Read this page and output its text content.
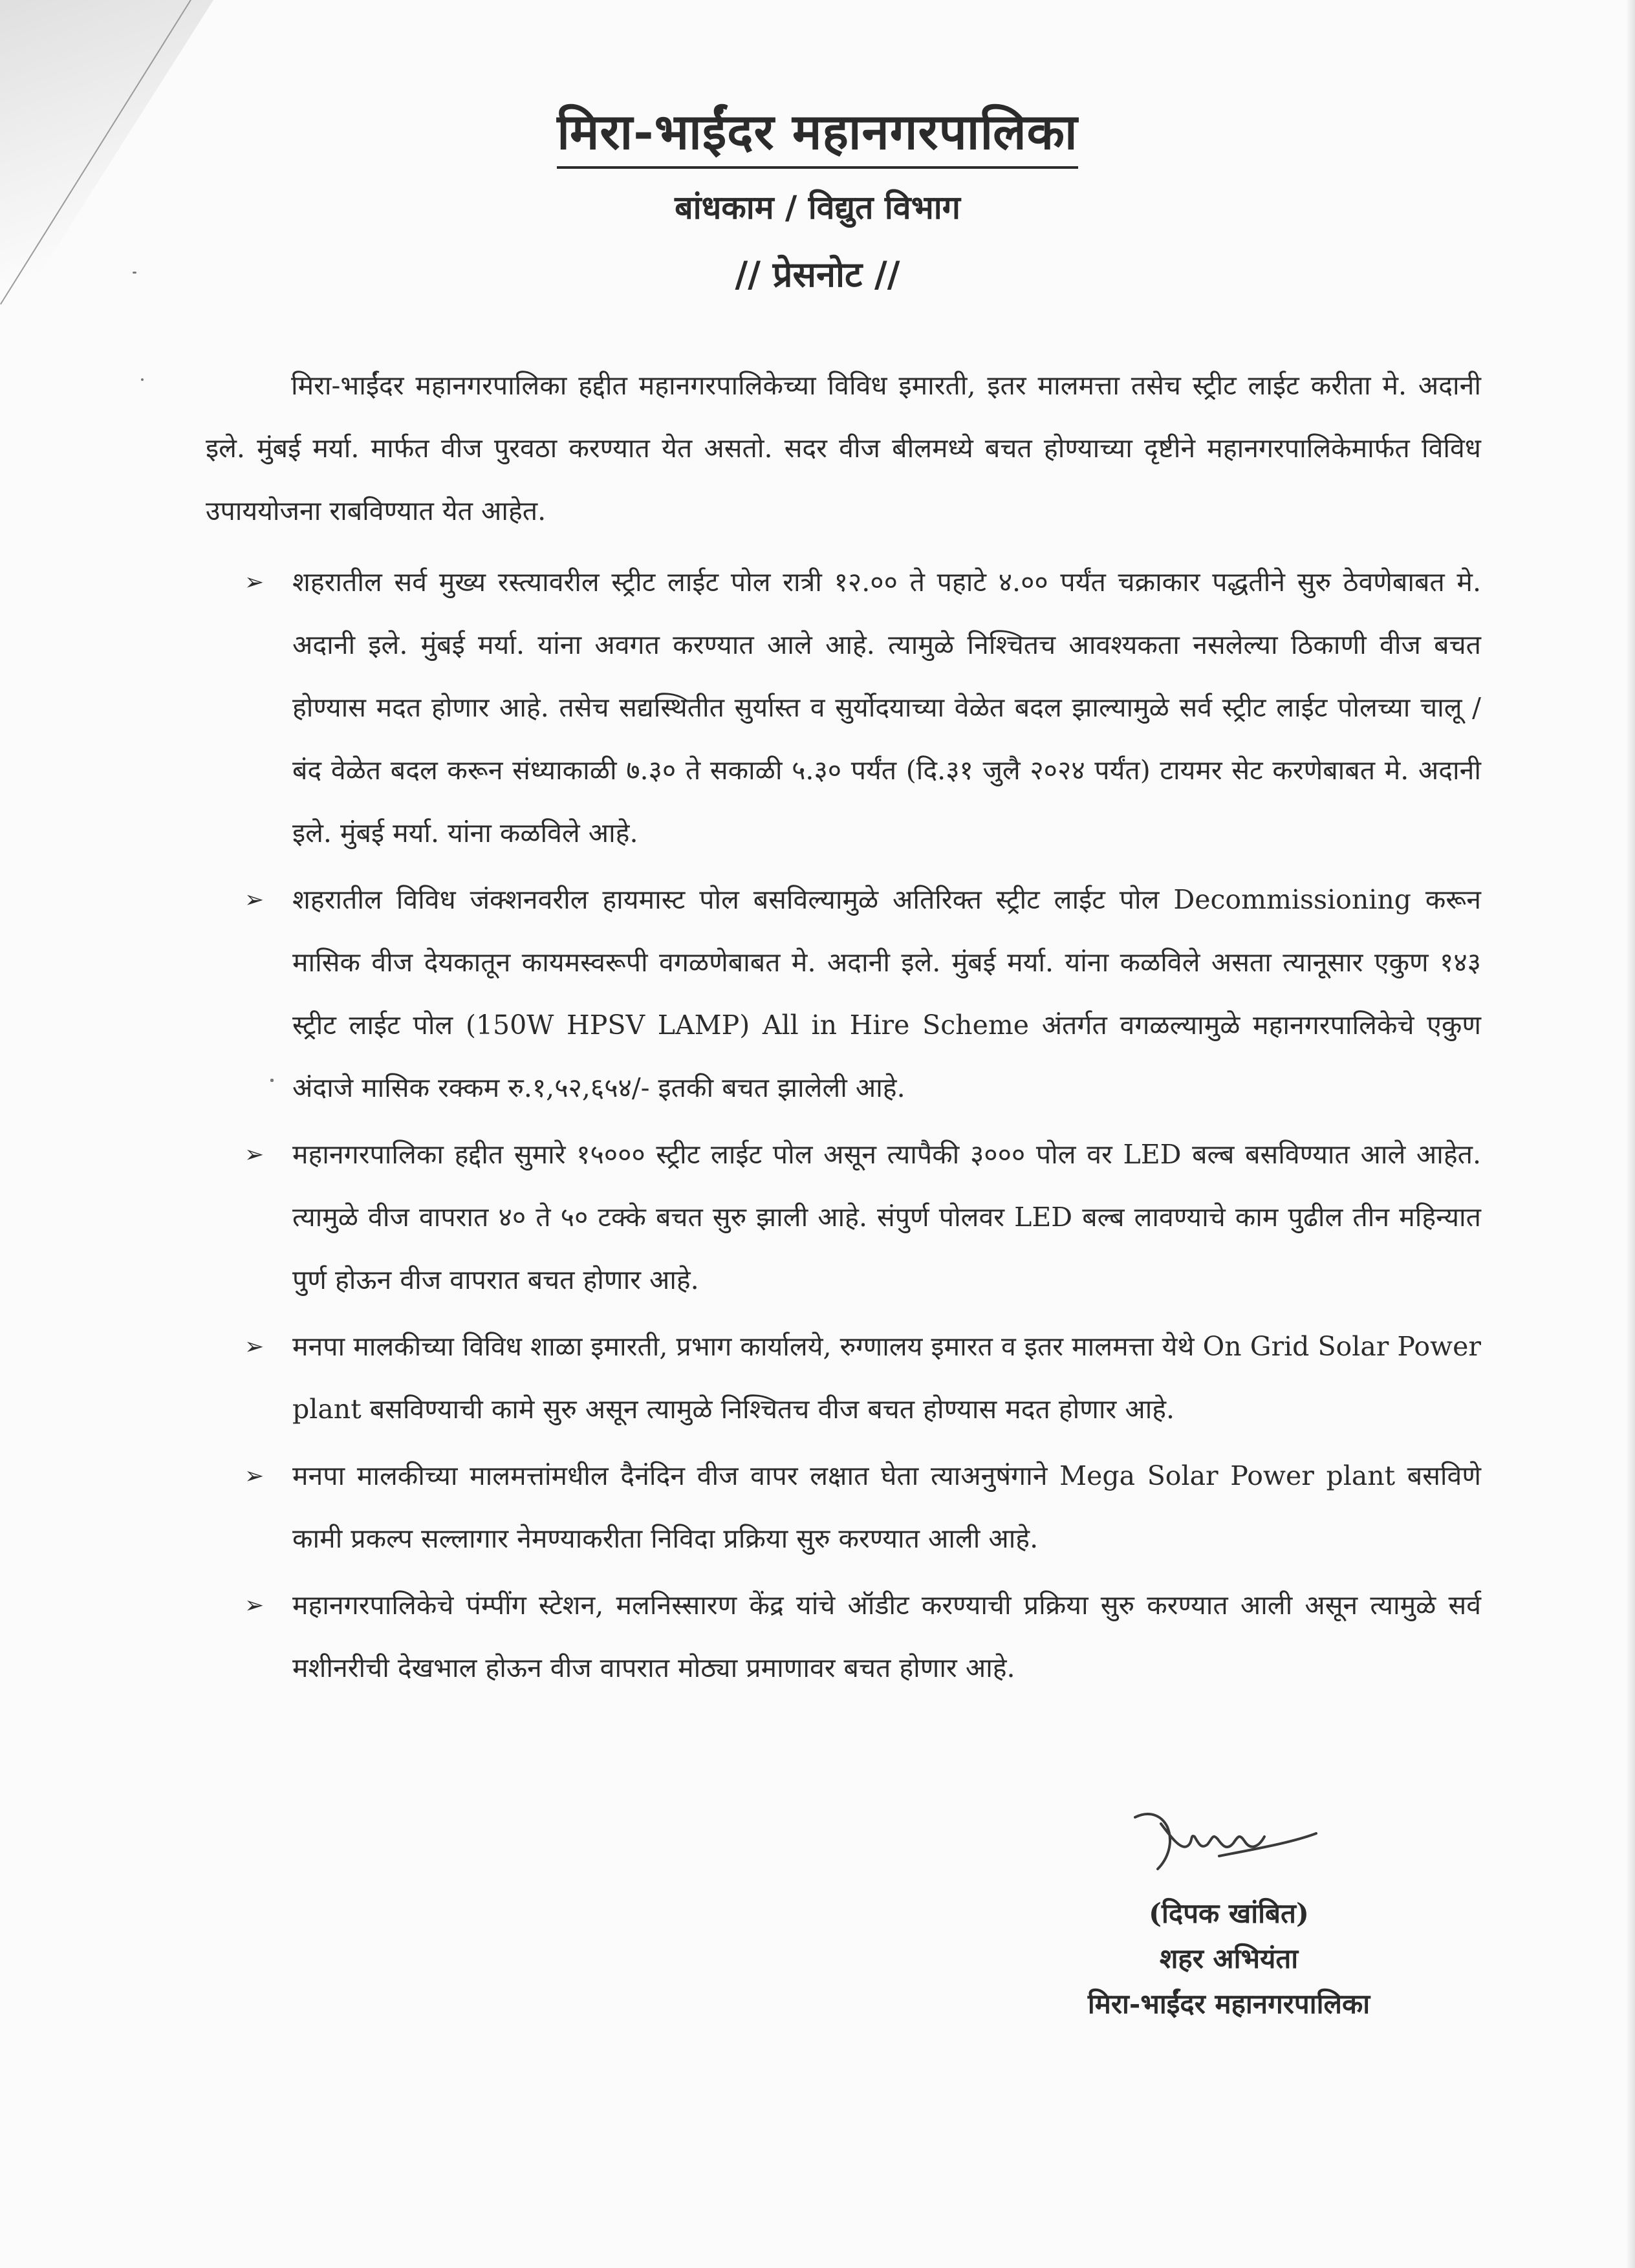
मिरा-भाईंदर महानगरपालिका
बांधकाम / विद्युत विभाग
// प्रेसनोट //
मिरा-भाईंदर महानगरपालिका हद्दीत महानगरपालिकेच्या विविध इमारती, इतर मालमत्ता तसेच स्ट्रीट लाईट करीता मे. अदानी इले. मुंबई मर्या. मार्फत वीज पुरवठा करण्यात येत असतो. सदर वीज बीलमध्ये बचत होण्याच्या दृष्टीने महानगरपालिकेमार्फत विविध उपाययोजना राबविण्यात येत आहेत.
➢ शहरातील सर्व मुख्य रस्त्यावरील स्ट्रीट लाईट पोल रात्री १२.०० ते पहाटे ४.०० पर्यंत चक्राकार पद्धतीने सुरु ठेवणेबाबत मे. अदानी इले. मुंबई मर्या. यांना अवगत करण्यात आले आहे. त्यामुळे निश्चितच आवश्यकता नसलेल्या ठिकाणी वीज बचत होण्यास मदत होणार आहे. तसेच सद्यस्थितीत सुर्यास्त व सुर्योदयाच्या वेळेत बदल झाल्यामुळे सर्व स्ट्रीट लाईट पोलच्या चालू / बंद वेळेत बदल करून संध्याकाळी ७.३० ते सकाळी ५.३० पर्यंत (दि.३१ जुलै २०२४ पर्यंत) टायमर सेट करणेबाबत मे. अदानी इले. मुंबई मर्या. यांना कळविले आहे.
➢ शहरातील विविध जंक्शनवरील हायमास्ट पोल बसविल्यामुळे अतिरिक्त स्ट्रीट लाईट पोल Decommissioning करून मासिक वीज देयकातून कायमस्वरूपी वगळणेबाबत मे. अदानी इले. मुंबई मर्या. यांना कळविले असता त्यानूसार एकुण १४३ स्ट्रीट लाईट पोल (150W HPSV LAMP) All in Hire Scheme अंतर्गत वगळल्यामुळे महानगरपालिकेचे एकुण अंदाजे मासिक रक्कम रु.१,५२,६५४/- इतकी बचत झालेली आहे.
➢ महानगरपालिका हद्दीत सुमारे १५००० स्ट्रीट लाईट पोल असून त्यापैकी ३००० पोल वर LED बल्ब बसविण्यात आले आहेत. त्यामुळे वीज वापरात ४० ते ५० टक्के बचत सुरु झाली आहे. संपुर्ण पोलवर LED बल्ब लावण्याचे काम पुढील तीन महिन्यात पुर्ण होऊन वीज वापरात बचत होणार आहे.
➢ मनपा मालकीच्या विविध शाळा इमारती, प्रभाग कार्यालये, रुग्णालय इमारत व इतर मालमत्ता येथे On Grid Solar Power plant बसविण्याची कामे सुरु असून त्यामुळे निश्चितच वीज बचत होण्यास मदत होणार आहे.
➢ मनपा मालकीच्या मालमत्तांमधील दैनंदिन वीज वापर लक्षात घेता त्याअनुषंगाने Mega Solar Power plant बसविणे कामी प्रकल्प सल्लागार नेमण्याकरीता निविदा प्रक्रिया सुरु करण्यात आली आहे.
➢ महानगरपालिकेचे पंम्पींग स्टेशन, मलनिस्सारण केंद्र यांचे ऑडीट करण्याची प्रक्रिया सुरु करण्यात आली असून त्यामुळे सर्व मशीनरीची देखभाल होऊन वीज वापरात मोठ्या प्रमाणावर बचत होणार आहे.
(दिपक खांबित)
शहर अभियंता
मिरा-भाईंदर महानगरपालिका
